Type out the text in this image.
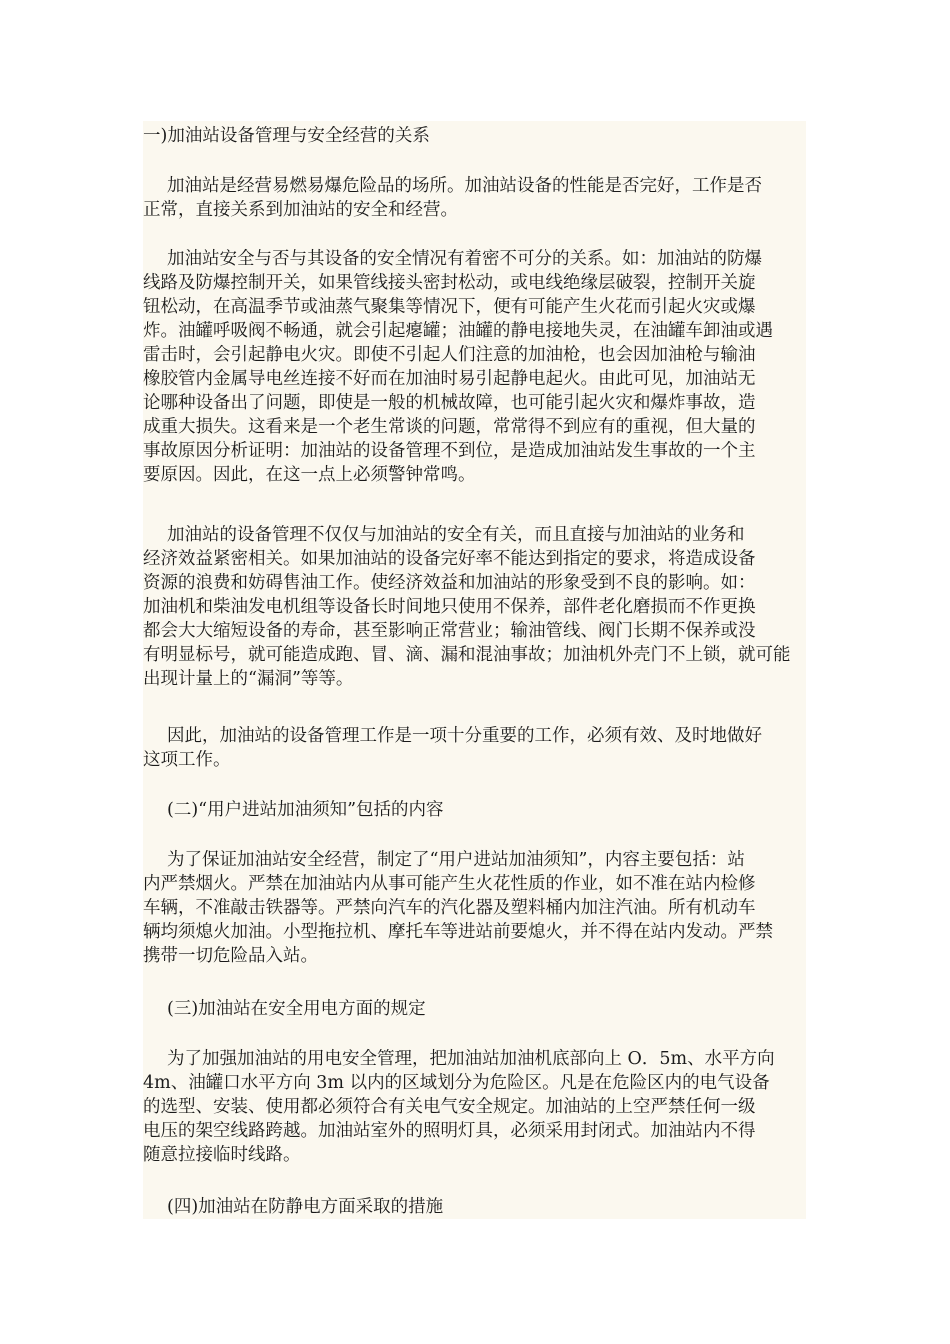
一)加油站设备管理与安全经营的关系
加油站是经营易燃易爆危险品的场所。加油站设备的性能是否完好，工作是否
正常，直接关系到加油站的安全和经营。
加油站安全与否与其设备的安全情况有着密不可分的关系。如：加油站的防爆
线路及防爆控制开关，如果管线接头密封松动，或电线绝缘层破裂，控制开关旋
钮松动，在高温季节或油蒸气聚集等情况下，便有可能产生火花而引起火灾或爆
炸。油罐呼吸阀不畅通，就会引起瘪罐；油罐的静电接地失灵，在油罐车卸油或遇
雷击时，会引起静电火灾。即使不引起人们注意的加油枪，也会因加油枪与输油
橡胶管内金属导电丝连接不好而在加油时易引起静电起火。由此可见，加油站无
论哪种设备出了问题，即使是一般的机械故障，也可能引起火灾和爆炸事故，造
成重大损失。这看来是一个老生常谈的问题，常常得不到应有的重视，但大量的
事故原因分析证明：加油站的设备管理不到位，是造成加油站发生事故的一个主
要原因。因此，在这一点上必须警钟常鸣。
加油站的设备管理不仅仅与加油站的安全有关，而且直接与加油站的业务和
经济效益紧密相关。如果加油站的设备完好率不能达到指定的要求，将造成设备
资源的浪费和妨碍售油工作。使经济效益和加油站的形象受到不良的影响。如：
加油机和柴油发电机组等设备长时间地只使用不保养，部件老化磨损而不作更换
都会大大缩短设备的寿命，甚至影响正常营业；输油管线、阀门长期不保养或没
有明显标号，就可能造成跑、冒、滴、漏和混油事故；加油机外壳门不上锁，就可能
出现计量上的“漏洞”等等。
因此，加油站的设备管理工作是一项十分重要的工作，必须有效、及时地做好
这项工作。
(二)“用户进站加油须知”包括的内容
为了保证加油站安全经营，制定了“用户进站加油须知”，内容主要包括：站
内严禁烟火。严禁在加油站内从事可能产生火花性质的作业，如不准在站内检修
车辆，不准敲击铁器等。严禁向汽车的汽化器及塑料桶内加注汽油。所有机动车
辆均须熄火加油。小型拖拉机、摩托车等进站前要熄火，并不得在站内发动。严禁
携带一切危险品入站。
(三)加油站在安全用电方面的规定
为了加强加油站的用电安全管理，把加油站加油机底部向上 O．5m、水平方向
4m、油罐口水平方向 3m 以内的区域划分为危险区。凡是在危险区内的电气设备
的选型、安装、使用都必须符合有关电气安全规定。加油站的上空严禁任何一级
电压的架空线路跨越。加油站室外的照明灯具，必须采用封闭式。加油站内不得
随意拉接临时线路。
(四)加油站在防静电方面采取的措施
